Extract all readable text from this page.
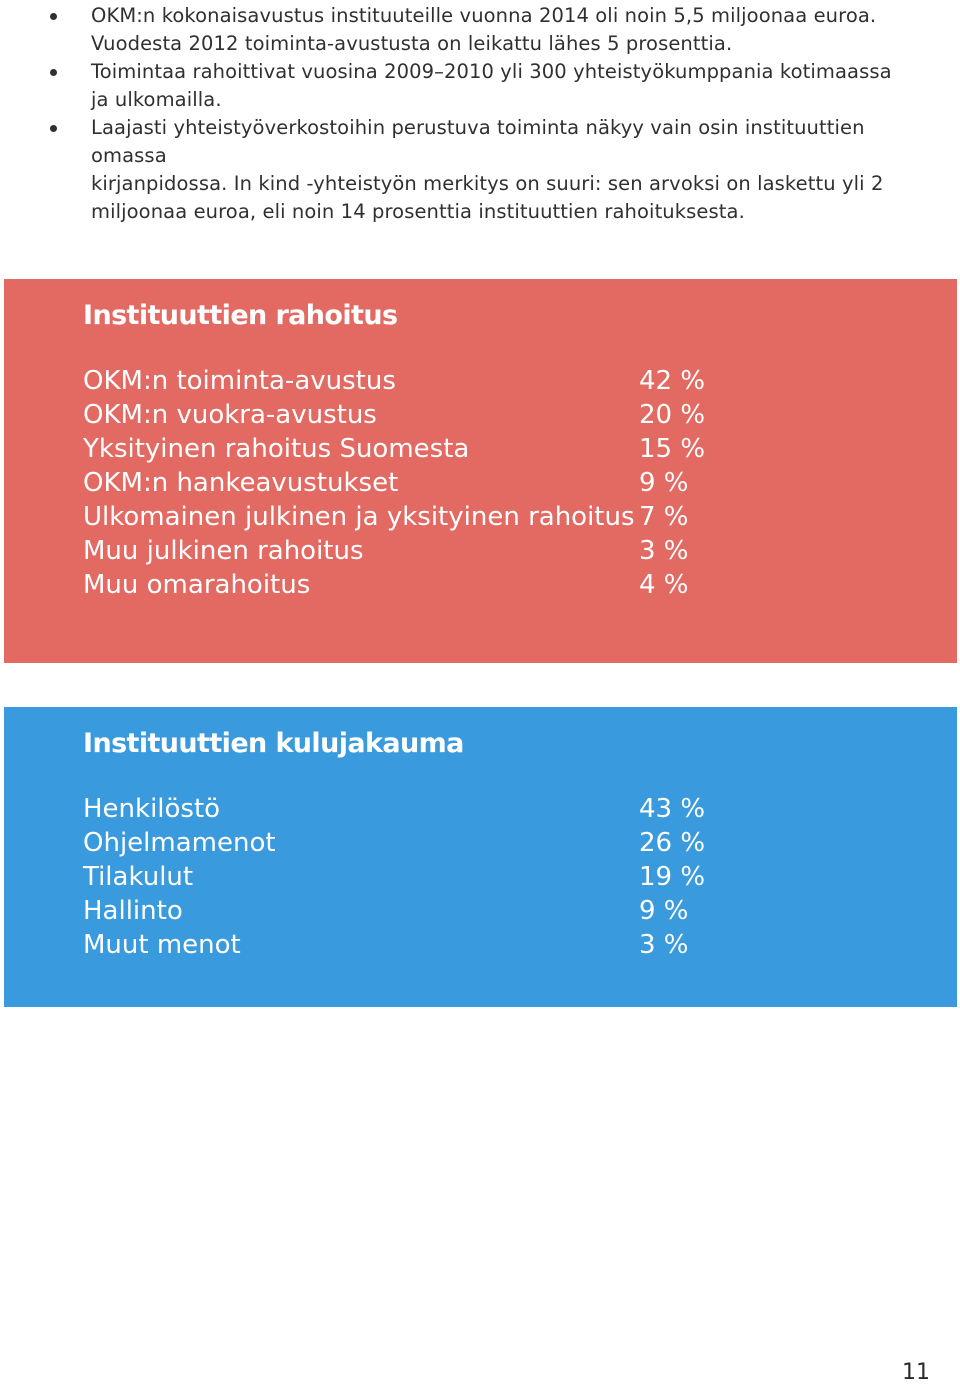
OKM:n kokonaisavustus instituuteille vuonna 2014 oli noin 5,5 miljoonaa euroa.
Vuodesta 2012 toiminta-avustusta on leikattu lähes 5 prosenttia.
Toimintaa rahoittivat vuosina 2009–2010 yli 300 yhteistyökumppania kotimaassa
ja ulkomailla.
Laajasti yhteistyöverkostoihin perustuva toiminta näkyy vain osin instituuttien omassa
kirjanpidossa. In kind -yhteistyön merkitys on suuri: sen arvoksi on laskettu yli 2
miljoonaa euroa, eli noin 14 prosenttia instituuttien rahoituksesta.
Instituuttien rahoitus
OKM:n toiminta-avustus	42 %
OKM:n vuokra-avustus	20 %
Yksityinen rahoitus Suomesta	15 %
OKM:n hankeavustukset	9 %
Ulkomainen julkinen ja yksityinen rahoitus 7 %
Muu julkinen rahoitus	3 %
Muu omarahoitus	4 %
Instituuttien kulujakauma
Henkilöstö	43 %
Ohjelmamenot	26 %
Tilakulut	19 %
Hallinto	9 %
Muut menot	3 %
11
